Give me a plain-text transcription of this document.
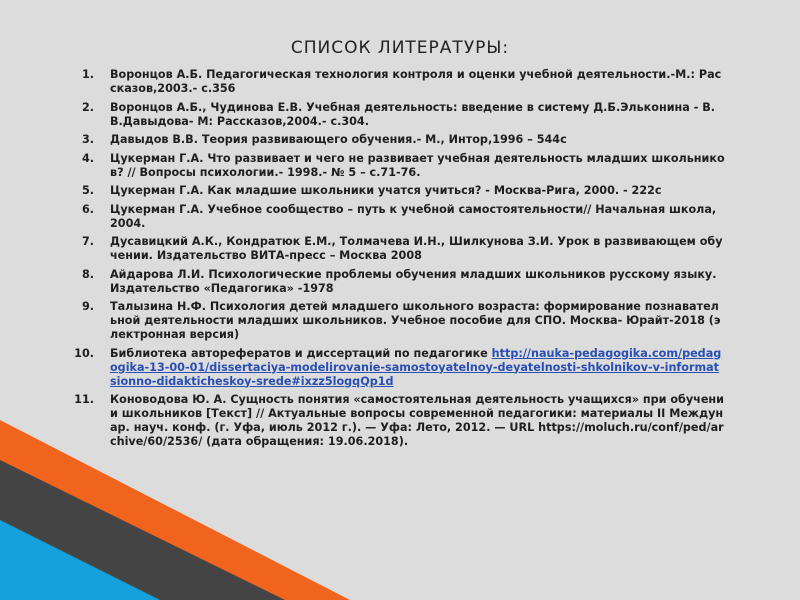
СПИСОК ЛИТЕРАТУРЫ:
1.	Воронцов А.Б. Педагогическая технология контроля и оценки учебной деятельности.-М.: Рассказов,2003.- с.356
2.	Воронцов А.Б., Чудинова Е.В. Учебная деятельность: введение в систему Д.Б.Эльконина - В.В.Давыдова- М: Рассказов,2004.- с.304.
3.	Давыдов В.В. Теория развивающего обучения.- М., Интор,1996 – 544с
4.	Цукерман Г.А. Что развивает и чего не развивает учебная деятельность младших школьников? // Вопросы психологии.- 1998.- № 5 – с.71-76.
5.	Цукерман Г.А. Как младшие школьники учатся учиться? - Москва-Рига, 2000. - 222с
6.	Цукерман Г.А. Учебное сообщество – путь к учебной самостоятельности// Начальная школа, 2004.
7.	Дусавицкий А.К., Кондратюк Е.М., Толмачева И.Н., Шилкунова З.И. Урок в развивающем обучении. Издательство ВИТА-пресс – Москва 2008
8.	Айдарова Л.И. Психологические проблемы обучения младших школьников русскому языку. Издательство «Педагогика» -1978
9.	Талызина Н.Ф. Психология детей младшего школьного возраста: формирование познавательной деятельности младших школьников. Учебное пособие для СПО. Москва- Юрайт-2018 (электронная версия)
10.	Библиотека авторефератов и диссертаций по педагогике http://nauka-pedagogika.com/pedagogika-13-00-01/dissertaciya-modelirovanie-samostoyatelnoy-deyatelnosti-shkolnikov-v-informatsionno-didakticheskoy-srede#ixzz5logqQp1d
11.	Коноводова Ю. А. Сущность понятия «самостоятельная деятельность учащихся» при обучении школьников [Текст] // Актуальные вопросы современной педагогики: материалы II Междунар. науч. конф. (г. Уфа, июль 2012 г.). — Уфа: Лето, 2012. — URL https://moluch.ru/conf/ped/archive/60/2536/ (дата обращения: 19.06.2018).
